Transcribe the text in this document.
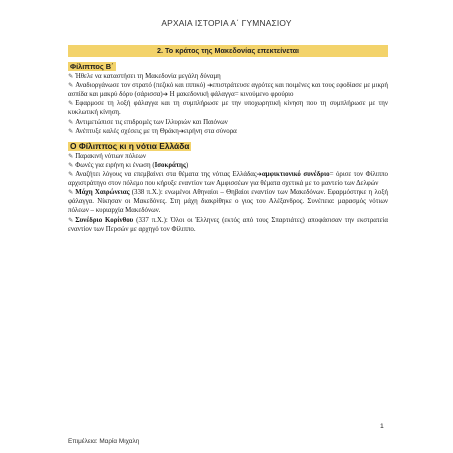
ΑΡΧΑΙΑ ΙΣΤΟΡΙΑ Α΄ ΓΥΜΝΑΣΙΟΥ
2. Το κράτος της Μακεδονίας επεκτείνεται
Φίλιππος Β΄
✎ Ήθελε να καταστήσει τη Μακεδονία μεγάλη δύναμη
✎ Αναδιοργάνωσε τον στρατό (πεζικό και ιππικό) ➔επιστράτευσε αγρότες και ποιμένες και τους εφοδίασε με μικρή ασπίδα και μακρύ δόρυ (σάρισσα)➔ Η μακεδονική φάλαγγα= κινούμενο φρούριο
✎ Εφαρμοσε τη λοξή φάλαγγα και τη συμπλήρωσε με την υποχωρητική κίνηση που τη συμπλήρωσε με την κυκλωτική κίνηση.
✎ Αντιμετώπισε τις επιδρομές των Ιλλυριών και Παιόνων
✎ Ανέπτυξε καλές σχέσεις με τη Θράκη➔ειρήνη στα σύνορα
Ο Φίλιππος κι η νότια Ελλάδα
✎ Παρακινή νότιων πόλεων
✎ Φωνές για ειρήνη κι ένωση (Ισοκράτης)
✎ Αναζήτει λόγους να επεμβαίνει στα θέματα της νότιας Ελλάδας➔αμφικτιονικό συνέδριο= όρισε τον Φίλιππο αρχιστράτηγο στον πόλεμο που κήρυξε εναντίον των Αμφισσέων για θέματα σχετικά με το μαντείο των Δελφών
✎ Μάχη Χαιρώνειας (338 π.Χ.): ενωμένοι Αθηναίοι – Θηβαίοι εναντίον των Μακεδόνων. Εφαρμόστηκε η λοξή φάλαγγα. Νίκησαν οι Μακεδόνες. Στη μάχη διακρίθηκε ο γιος του Αλέξανδρος. Συνέπεια: μαρασμός νότιων πόλεων – κυριαρχία Μακεδόνων.
✎ Συνέδριο Κορίνθου (337 π.Χ.): Όλοι οι Έλληνες (εκτός από τους Σπαρτιάτες) αποφάσισαν την εκστρατεία εναντίον των Περσών με αρχηγό τον Φίλιππο.
1
Επιμέλεια: Μαρία Μιχαλη
